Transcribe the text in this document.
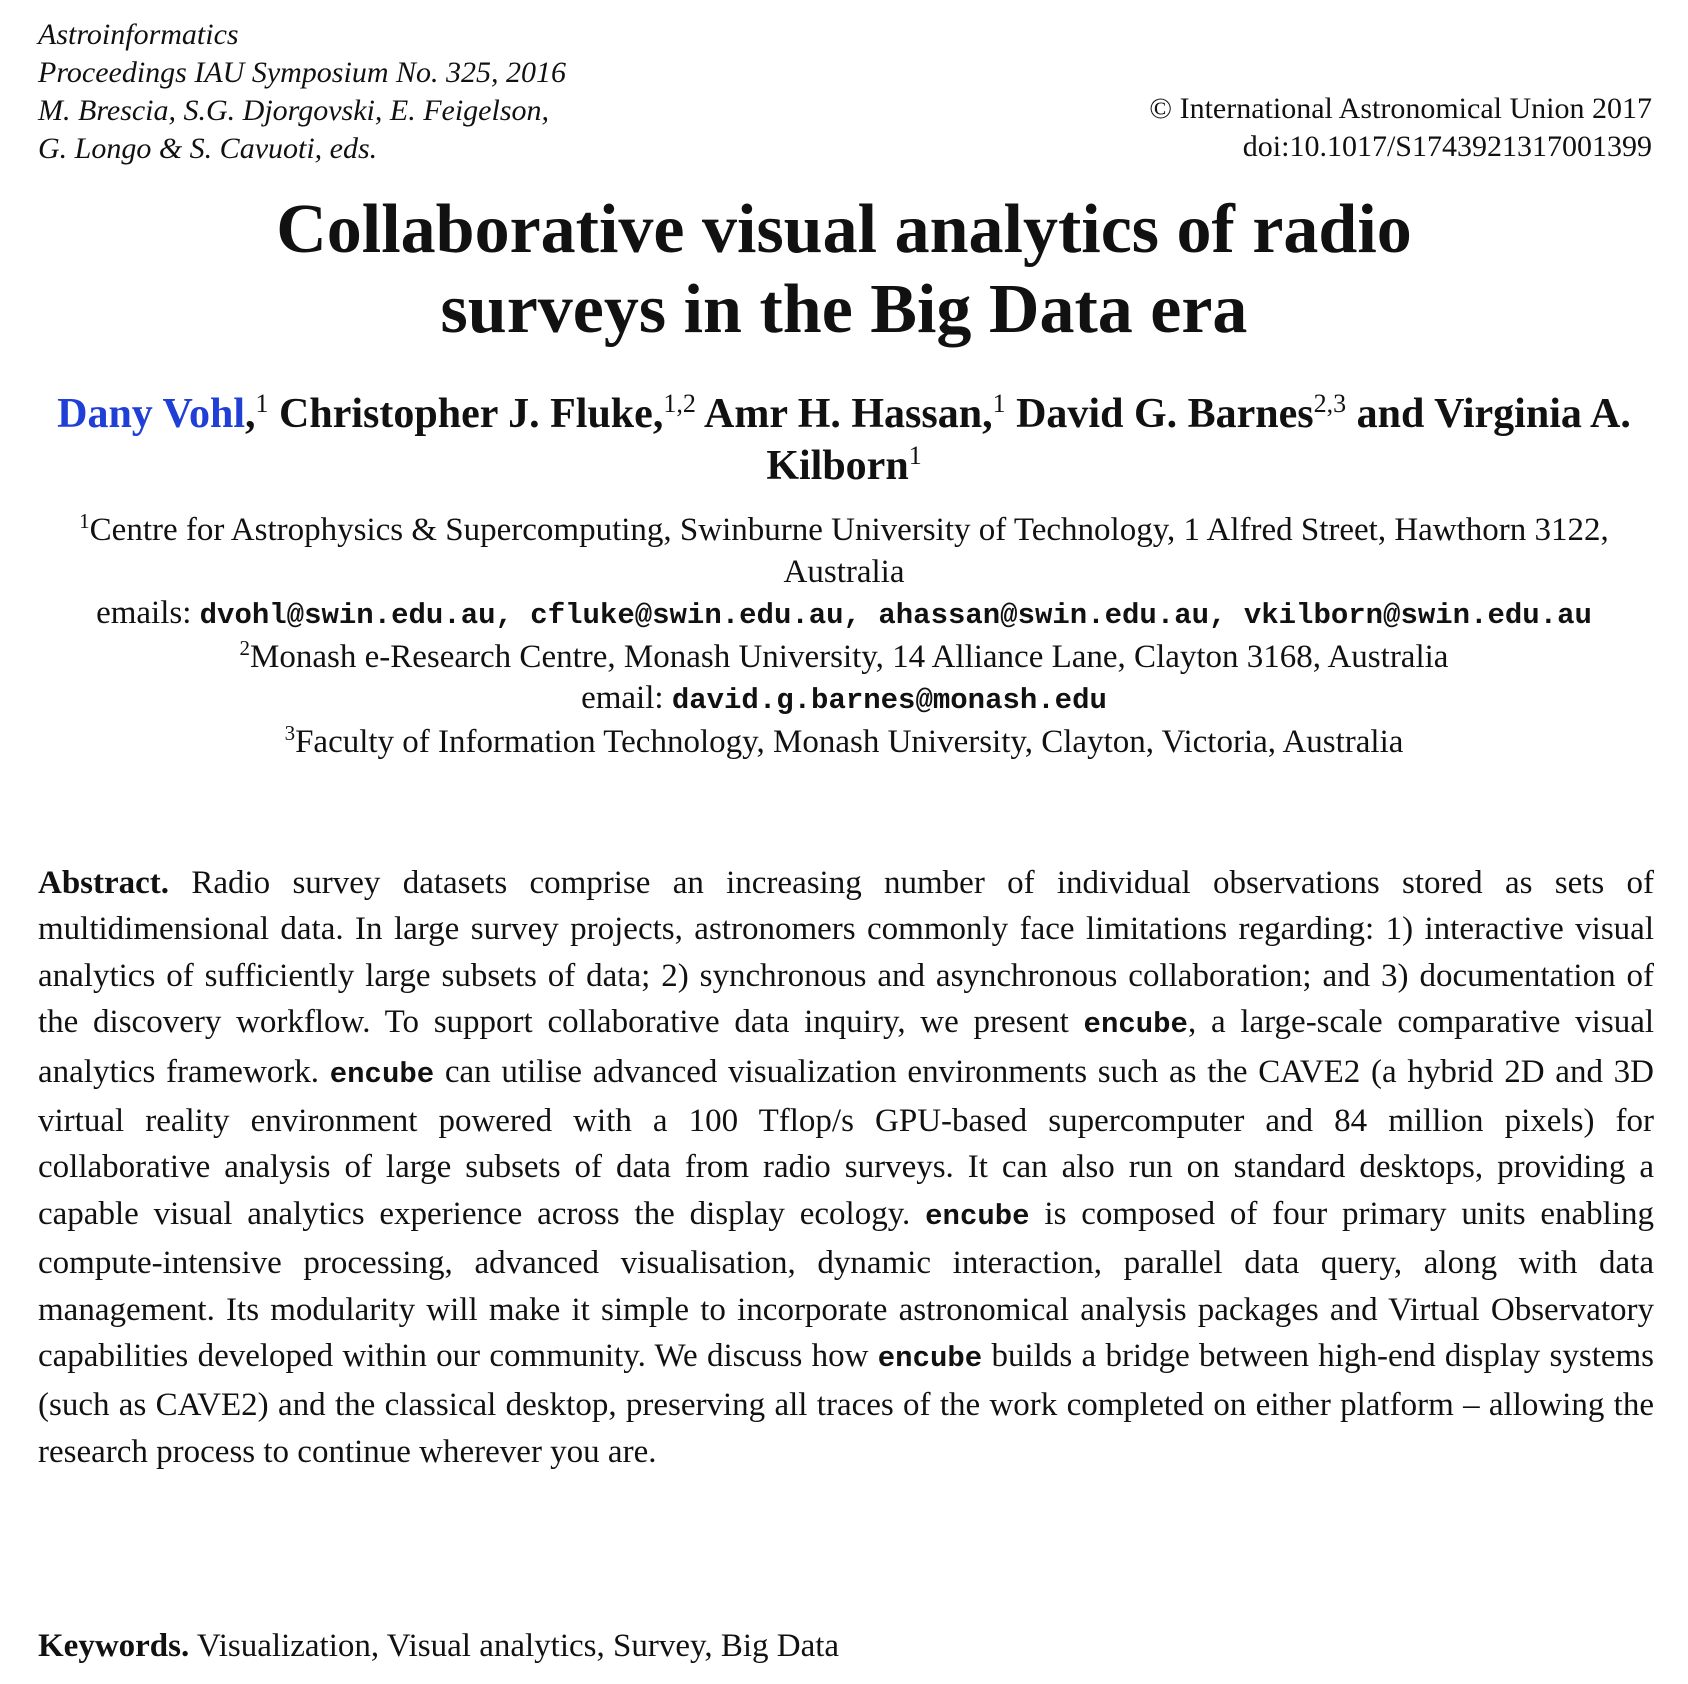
Astroinformatics
Proceedings IAU Symposium No. 325, 2016
M. Brescia, S.G. Djorgovski, E. Feigelson,
G. Longo & S. Cavuoti, eds.
© International Astronomical Union 2017
doi:10.1017/S1743921317001399
Collaborative visual analytics of radio
surveys in the Big Data era
Dany Vohl,$^1$ Christopher J. Fluke,$^{1,2}$ Amr H. Hassan,$^1$ David G. Barnes$^{2,3}$ and Virginia A. Kilborn$^1$
$^1$Centre for Astrophysics & Supercomputing, Swinburne University of Technology, 1 Alfred Street, Hawthorn 3122, Australia
emails: dvohl@swin.edu.au, cfluke@swin.edu.au, ahassan@swin.edu.au, vkilborn@swin.edu.au
$^2$Monash e-Research Centre, Monash University, 14 Alliance Lane, Clayton 3168, Australia
email: david.g.barnes@monash.edu
$^3$Faculty of Information Technology, Monash University, Clayton, Victoria, Australia

Abstract. Radio survey datasets comprise an increasing number of individual observations stored as sets of multidimensional data. In large survey projects, astronomers commonly face limitations regarding: 1) interactive visual analytics of sufficiently large subsets of data; 2) synchronous and asynchronous collaboration; and 3) documentation of the discovery workflow. To support collaborative data inquiry, we present encube, a large-scale comparative visual analytics framework. encube can utilise advanced visualization environments such as the CAVE2 (a hybrid 2D and 3D virtual reality environment powered with a 100 Tflop/s GPU-based supercomputer and 84 million pixels) for collaborative analysis of large subsets of data from radio surveys. It can also run on standard desktops, providing a capable visual analytics experience across the display ecology. encube is composed of four primary units enabling compute-intensive processing, advanced visualisation, dynamic interaction, parallel data query, along with data management. Its modularity will make it simple to incorporate astronomical analysis packages and Virtual Observatory capabilities developed within our community. We discuss how encube builds a bridge between high-end display systems (such as CAVE2) and the classical desktop, preserving all traces of the work completed on either platform – allowing the research process to continue wherever you are.

Keywords. Visualization, Visual analytics, Survey, Big Data
